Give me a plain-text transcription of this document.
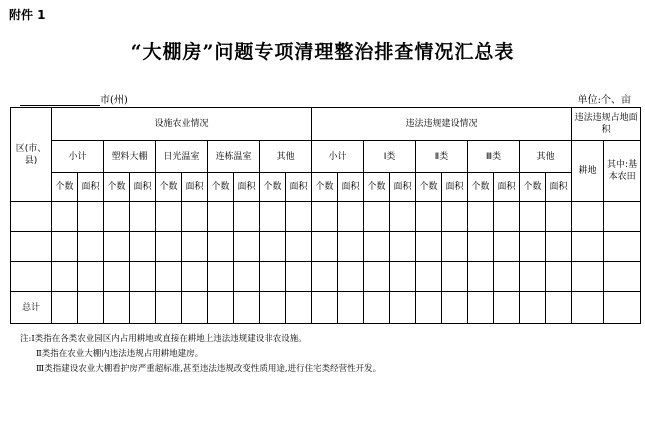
附件 1
“大棚房”问题专项清理整治排查情况汇总表
市(州)	单位:个、亩
区(市、县)	设施农业情况										违法违规建设情况										违法违规占地面积	
	小计		塑料大棚		日光温室		连栋温室		其他		小计		Ⅰ类		Ⅱ类		Ⅲ类		其他		耕地	其中:基本农田
	个数	面积	个数	面积	个数	面积	个数	面积	个数	面积	个数	面积	个数	面积	个数	面积	个数	面积	个数	面积		

总计																						
注:Ⅰ类指在各类农业园区内占用耕地或直接在耕地上违法违规建设非农设施。
Ⅱ类指在农业大棚内违法违规占用耕地建房。
Ⅲ类指建设农业大棚看护房严重超标准,甚至违法违规改变性质用途,进行住宅类经营性开发。
